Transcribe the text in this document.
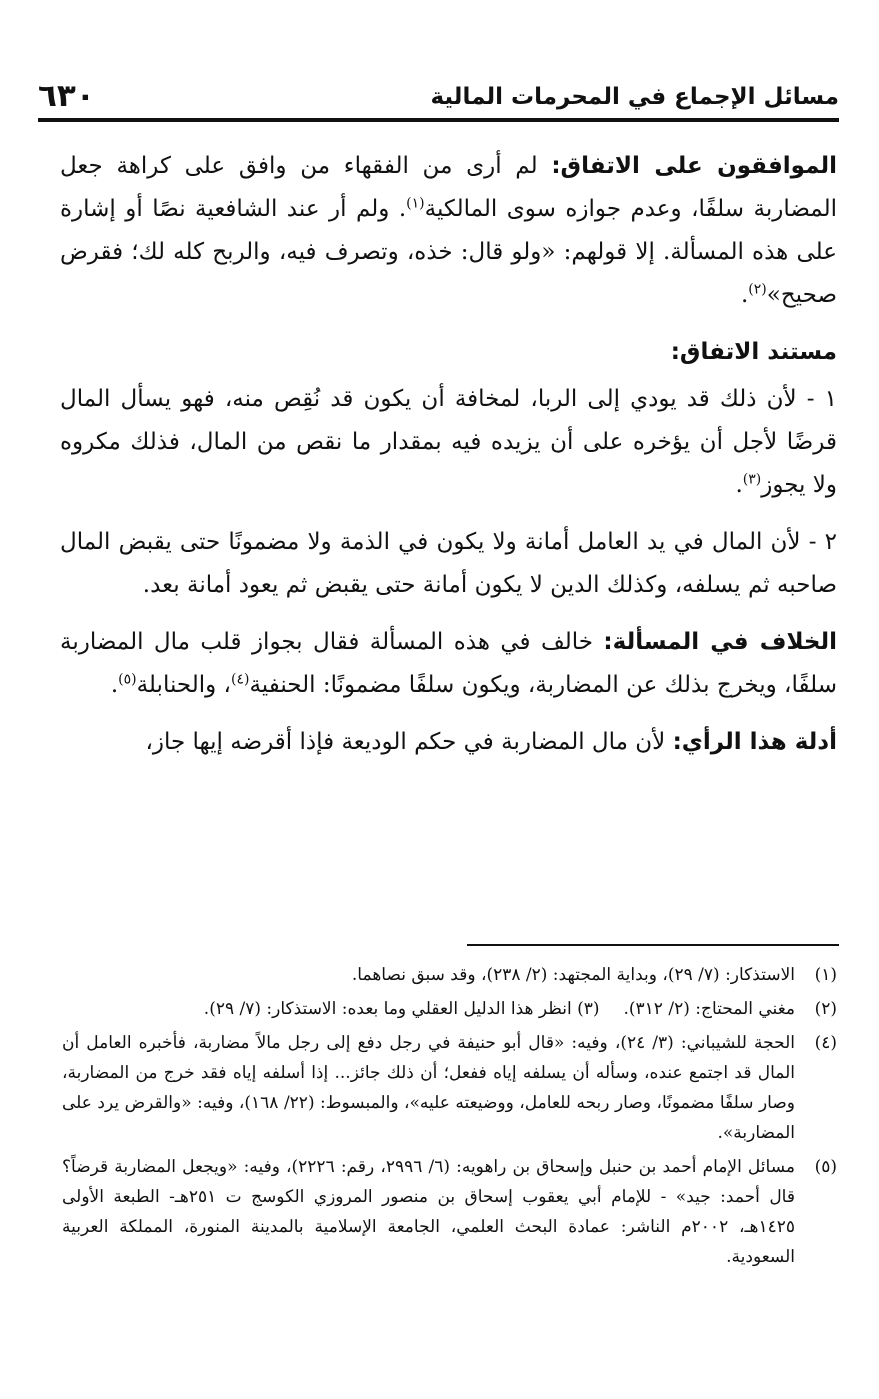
٦٣٠	مسائل الإجماع في المحرمات المالية

الموافقون على الاتفاق: لم أرى من الفقهاء من وافق على كراهة جعل المضاربة سلفًا، وعدم جوازه سوى المالكية$^{(١)}$. ولم أر عند الشافعية نصًا أو إشارة على هذه المسألة. إلا قولهم: «ولو قال: خذه، وتصرف فيه، والربح كله لك؛ فقرض صحيح»$^{(٢)}$.

مستند الاتفاق:

١ - لأن ذلك قد يودي إلى الربا، لمخافة أن يكون قد نُقِص منه، فهو يسأل المال قرضًا لأجل أن يؤخره على أن يزيده فيه بمقدار ما نقص من المال، فذلك مكروه ولا يجوز$^{(٣)}$.

٢ - لأن المال في يد العامل أمانة ولا يكون في الذمة ولا مضمونًا حتى يقبض المال صاحبه ثم يسلفه، وكذلك الدين لا يكون أمانة حتى يقبض ثم يعود أمانة بعد.

الخلاف في المسألة: خالف في هذه المسألة فقال بجواز قلب مال المضاربة سلفًا، ويخرج بذلك عن المضاربة، ويكون سلفًا مضمونًا: الحنفية$^{(٤)}$، والحنابلة$^{(٥)}$.

أدلة هذا الرأي: لأن مال المضاربة في حكم الوديعة فإذا أقرضه إيها جاز،

(١)
الاستذكار: (٧/ ٢٩)، وبداية المجتهد: (٢/ ٢٣٨)، وقد سبق نصاهما.
(٢)
مغني المحتاج: (٢/ ٣١٢).(٣) انظر هذا الدليل العقلي وما بعده: الاستذكار: (٧/ ٢٩).
(٤)
الحجة للشيباني: (٣/ ٢٤)، وفيه: «قال أبو حنيفة في رجل دفع إلى رجل مالاً مضاربة، فأخبره العامل أن المال قد اجتمع عنده، وسأله أن يسلفه إياه ففعل؛ أن ذلك جائز... إذا أسلفه إياه فقد خرج من المضاربة، وصار سلفًا مضمونًا، وصار ربحه للعامل، ووضيعته عليه»، والمبسوط: (٢٢/ ١٦٨)، وفيه: «والقرض يرد على المضاربة».
(٥)
مسائل الإمام أحمد بن حنبل وإسحاق بن راهويه: (٦/ ٢٩٩٦، رقم: ٢٢٢٦)، وفيه: «ويجعل المضاربة قرضاً؟ قال أحمد: جيد» - للإمام أبي يعقوب إسحاق بن منصور المروزي الكوسج ت ٢٥١هـ- الطبعة الأولى ١٤٢٥هـ، ٢٠٠٢م الناشر: عمادة البحث العلمي، الجامعة الإسلامية بالمدينة المنورة، المملكة العربية السعودية.
